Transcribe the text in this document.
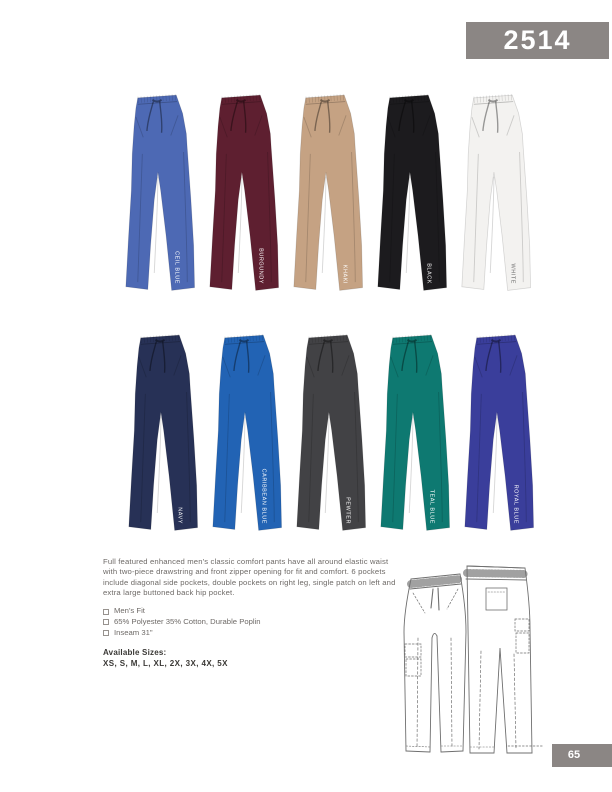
2514
CEIL BLUE	BURGUNDY	KHAKI	BLACK	WHITE
NAVY	CARIBBEAN BLUE	PEWTER	TEAL BLUE	ROYAL BLUE

Full featured enhanced men's classic comfort pants have all around elastic waist with two-piece drawstring and front zipper opening for fit and comfort. 6 pockets include diagonal side pockets, double pockets on right leg, single patch on left and extra large buttoned back hip pocket.

Men's Fit
65% Polyester 35% Cotton, Durable Poplin
Inseam 31"

Available Sizes:

XS, S, M, L, XL, 2X, 3X, 4X, 5X

65
